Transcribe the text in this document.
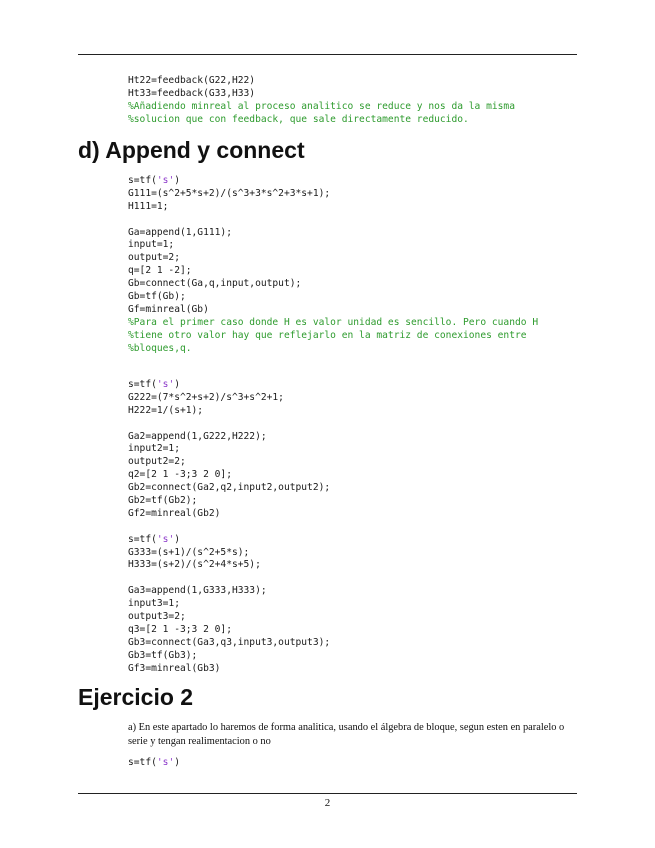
Ht22=feedback(G22,H22)
Ht33=feedback(G33,H33)
%Añadiendo minreal al proceso analitico se reduce y nos da la misma
%solucion que con feedback, que sale directamente reducido.
d) Append y connect
s=tf('s')
G111=(s^2+5*s+2)/(s^3+3*s^2+3*s+1);
H111=1;
Ga=append(1,G111);
input=1;
output=2;
q=[2 1 -2];
Gb=connect(Ga,q,input,output);
Gb=tf(Gb);
Gf=minreal(Gb)
%Para el primer caso donde H es valor unidad es sencillo. Pero cuando H
%tiene otro valor hay que reflejarlo en la matriz de conexiones entre
%bloques,q.
s=tf('s')
G222=(7*s^2+s+2)/s^3+s^2+1;
H222=1/(s+1);
Ga2=append(1,G222,H222);
input2=1;
output2=2;
q2=[2 1 -3;3 2 0];
Gb2=connect(Ga2,q2,input2,output2);
Gb2=tf(Gb2);
Gf2=minreal(Gb2)
s=tf('s')
G333=(s+1)/(s^2+5*s);
H333=(s+2)/(s^2+4*s+5);
Ga3=append(1,G333,H333);
input3=1;
output3=2;
q3=[2 1 -3;3 2 0];
Gb3=connect(Ga3,q3,input3,output3);
Gb3=tf(Gb3);
Gf3=minreal(Gb3)
Ejercicio 2

a) En este apartado lo haremos de forma analitica, usando el álgebra de bloque, segun esten en paralelo o serie y tengan realimentacion o no

s=tf('s')
2
